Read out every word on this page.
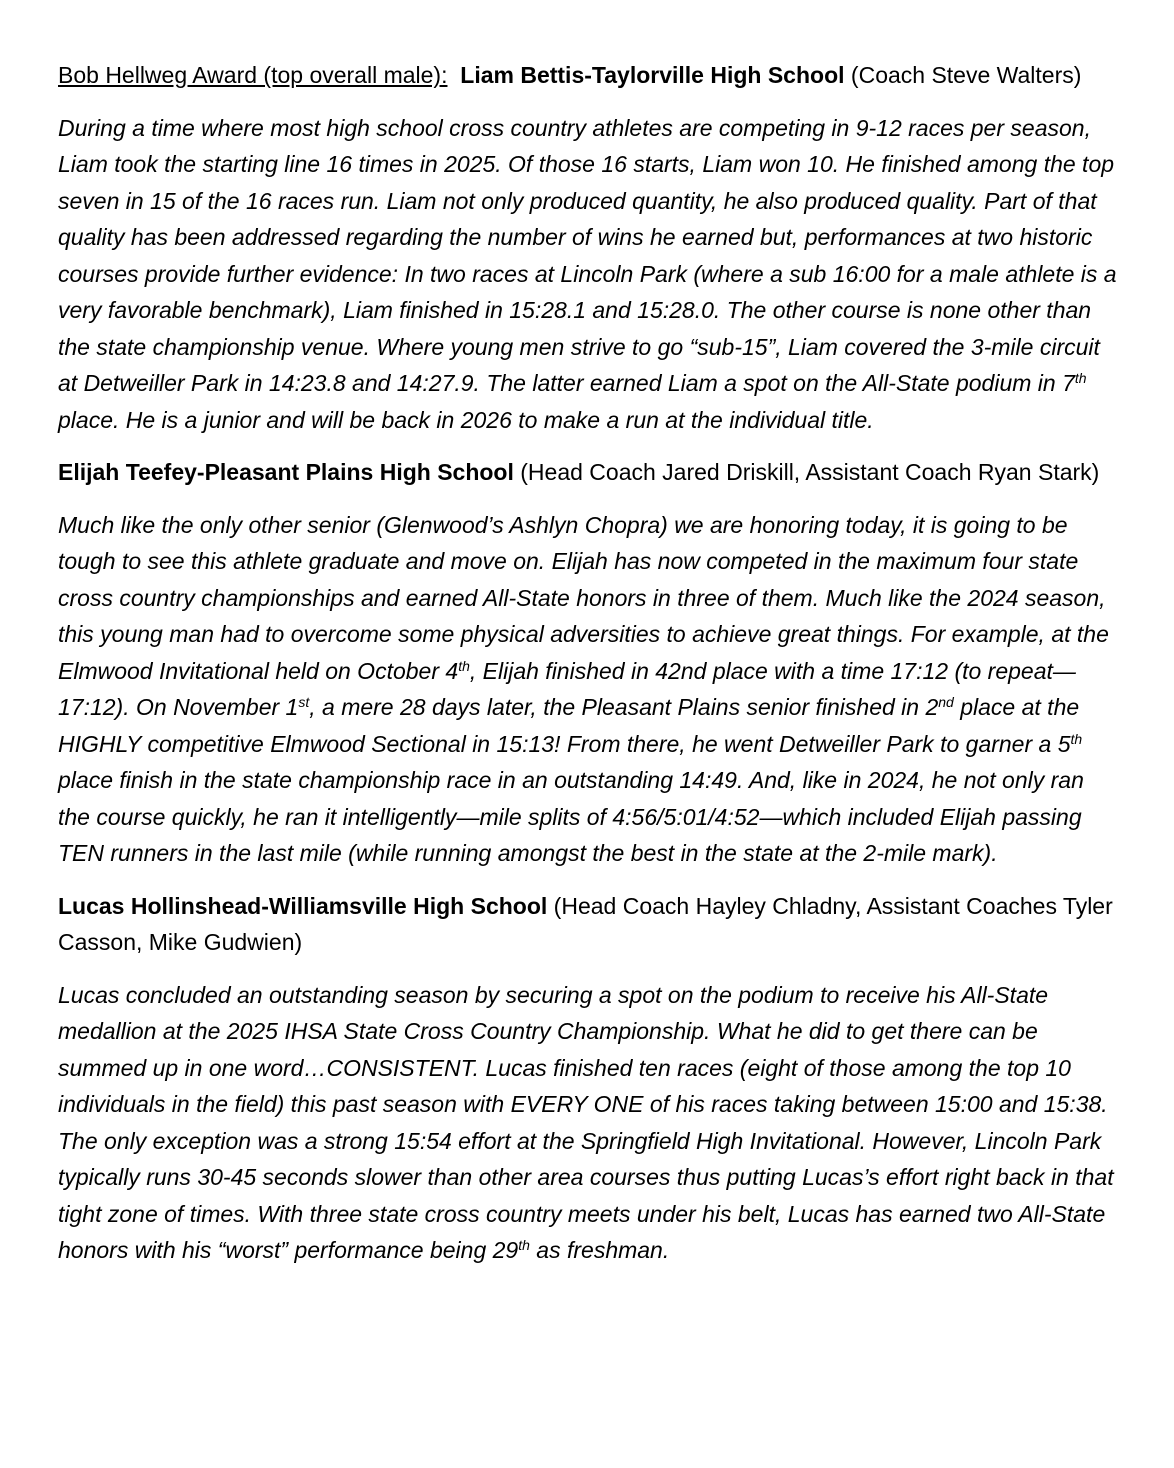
Bob Hellweg Award (top overall male): Liam Bettis-Taylorville High School (Coach Steve Walters)

During a time where most high school cross country athletes are competing in 9-12 races per season, Liam took the starting line 16 times in 2025. Of those 16 starts, Liam won 10. He finished among the top seven in 15 of the 16 races run. Liam not only produced quantity, he also produced quality. Part of that quality has been addressed regarding the number of wins he earned but, performances at two historic courses provide further evidence: In two races at Lincoln Park (where a sub 16:00 for a male athlete is a very favorable benchmark), Liam finished in 15:28.1 and 15:28.0. The other course is none other than the state championship venue. Where young men strive to go “sub-15”, Liam covered the 3-mile circuit at Detweiller Park in 14:23.8 and 14:27.9. The latter earned Liam a spot on the All-State podium in 7th place. He is a junior and will be back in 2026 to make a run at the individual title.

Elijah Teefey-Pleasant Plains High School (Head Coach Jared Driskill, Assistant Coach Ryan Stark)

Much like the only other senior (Glenwood’s Ashlyn Chopra) we are honoring today, it is going to be tough to see this athlete graduate and move on. Elijah has now competed in the maximum four state cross country championships and earned All-State honors in three of them. Much like the 2024 season, this young man had to overcome some physical adversities to achieve great things. For example, at the Elmwood Invitational held on October 4th, Elijah finished in 42nd place with a time 17:12 (to repeat—17:12). On November 1st, a mere 28 days later, the Pleasant Plains senior finished in 2nd place at the HIGHLY competitive Elmwood Sectional in 15:13! From there, he went Detweiller Park to garner a 5th place finish in the state championship race in an outstanding 14:49. And, like in 2024, he not only ran the course quickly, he ran it intelligently—mile splits of 4:56/5:01/4:52—which included Elijah passing TEN runners in the last mile (while running amongst the best in the state at the 2-mile mark).

Lucas Hollinshead-Williamsville High School (Head Coach Hayley Chladny, Assistant Coaches Tyler Casson, Mike Gudwien)

Lucas concluded an outstanding season by securing a spot on the podium to receive his All-State medallion at the 2025 IHSA State Cross Country Championship. What he did to get there can be summed up in one word…CONSISTENT. Lucas finished ten races (eight of those among the top 10 individuals in the field) this past season with EVERY ONE of his races taking between 15:00 and 15:38. The only exception was a strong 15:54 effort at the Springfield High Invitational. However, Lincoln Park typically runs 30-45 seconds slower than other area courses thus putting Lucas’s effort right back in that tight zone of times. With three state cross country meets under his belt, Lucas has earned two All-State honors with his “worst” performance being 29th as freshman.
